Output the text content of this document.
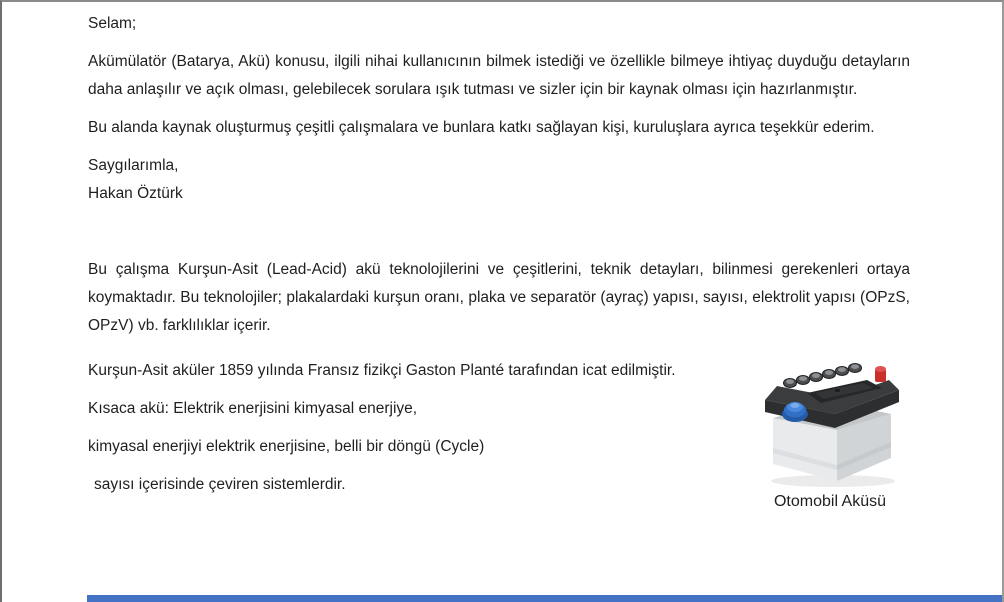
Selam;

Akümülatör (Batarya, Akü) konusu, ilgili nihai kullanıcının bilmek istediği ve özellikle bilmeye ihtiyaç duyduğu detayların daha anlaşılır ve açık olması, gelebilecek sorulara ışık tutması ve sizler için bir kaynak olması için hazırlanmıştır.

Bu alanda kaynak oluşturmuş çeşitli çalışmalara ve bunlara katkı sağlayan kişi, kuruluşlara ayrıca teşekkür ederim.

Saygılarımla,
Hakan Öztürk

Bu çalışma Kurşun-Asit (Lead-Acid) akü teknolojilerini ve çeşitlerini, teknik detayları, bilinmesi gerekenleri ortaya koymaktadır. Bu teknolojiler; plakalardaki kurşun oranı, plaka ve separatör (ayraç) yapısı, sayısı, elektrolit yapısı (OPzS, OPzV) vb. farklılıklar içerir.

Kurşun-Asit aküler 1859 yılında Fransız fizikçi Gaston Planté tarafından icat edilmiştir.

Kısaca akü: Elektrik enerjisini kimyasal enerjiye,

kimyasal enerjiyi elektrik enerjisine, belli bir döngü (Cycle)

sayısı içerisinde çeviren sistemlerdir.

Otomobil Aküsü
